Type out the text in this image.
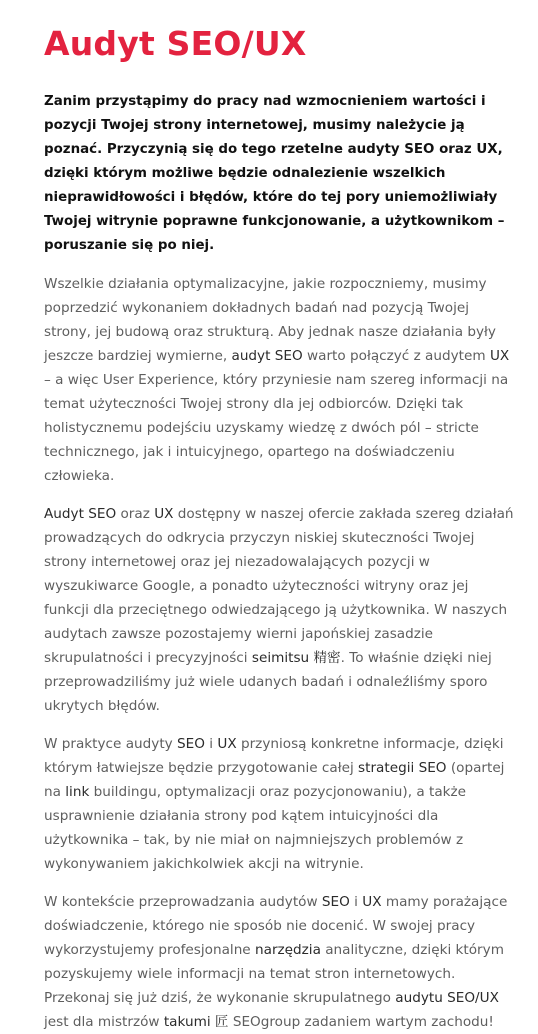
Audyt SEO/UX

Zanim przystąpimy do pracy nad wzmocnieniem wartości i pozycji Twojej strony internetowej, musimy należycie ją poznać. Przyczynią się do tego rzetelne audyty SEO oraz UX, dzięki którym możliwe będzie odnalezienie wszelkich nieprawidłowości i błędów, które do tej pory uniemożliwiały Twojej witrynie poprawne funkcjonowanie, a użytkownikom – poruszanie się po niej.

Wszelkie działania optymalizacyjne, jakie rozpoczniemy, musimy poprzedzić wykonaniem dokładnych badań nad pozycją Twojej strony, jej budową oraz strukturą. Aby jednak nasze działania były jeszcze bardziej wymierne, audyt SEO warto połączyć z audytem UX – a więc User Experience, który przyniesie nam szereg informacji na temat użyteczności Twojej strony dla jej odbiorców. Dzięki tak holistycznemu podejściu uzyskamy wiedzę z dwóch pól – stricte technicznego, jak i intuicyjnego, opartego na doświadczeniu człowieka.

Audyt SEO oraz UX dostępny w naszej ofercie zakłada szereg działań prowadzących do odkrycia przyczyn niskiej skuteczności Twojej strony internetowej oraz jej niezadowalających pozycji w wyszukiwarce Google, a ponadto użyteczności witryny oraz jej funkcji dla przeciętnego odwiedzającego ją użytkownika. W naszych audytach zawsze pozostajemy wierni japońskiej zasadzie skrupulatności i precyzyjności seimitsu 精密. To właśnie dzięki niej przeprowadziliśmy już wiele udanych badań i odnaleźliśmy sporo ukrytych błędów.

W praktyce audyty SEO i UX przyniosą konkretne informacje, dzięki którym łatwiejsze będzie przygotowanie całej strategii SEO (opartej na link buildingu, optymalizacji oraz pozycjonowaniu), a także usprawnienie działania strony pod kątem intuicyjności dla użytkownika – tak, by nie miał on najmniejszych problemów z wykonywaniem jakichkolwiek akcji na witrynie.

W kontekście przeprowadzania audytów SEO i UX mamy porażające doświadczenie, którego nie sposób nie docenić. W swojej pracy wykorzystujemy profesjonalne narzędzia analityczne, dzięki którym pozyskujemy wiele informacji na temat stron internetowych. Przekonaj się już dziś, że wykonanie skrupulatnego audytu SEO/UX jest dla mistrzów takumi 匠 SEOgroup zadaniem wartym zachodu!
